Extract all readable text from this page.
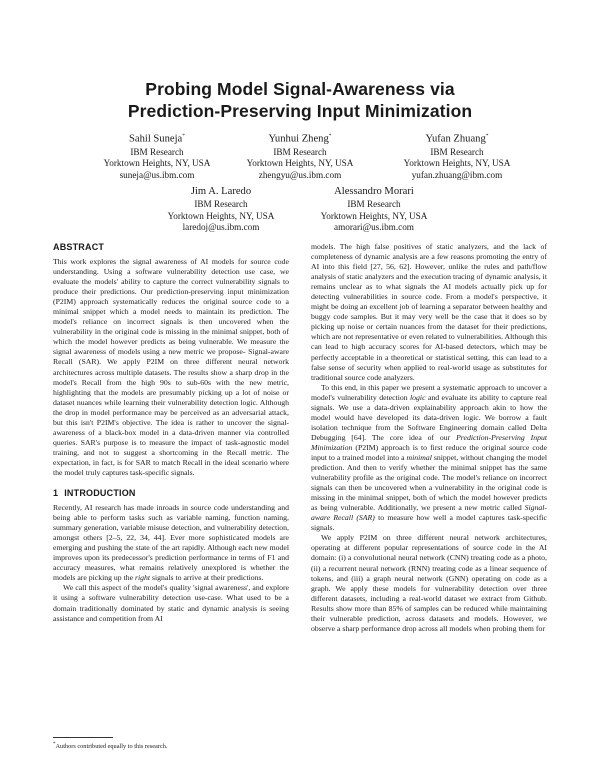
Probing Model Signal-Awareness via
Prediction-Preserving Input Minimization
Sahil Suneja*
IBM Research
Yorktown Heights, NY, USA
suneja@us.ibm.com
Yunhui Zheng*
IBM Research
Yorktown Heights, NY, USA
zhengyu@us.ibm.com
Yufan Zhuang*
IBM Research
Yorktown Heights, NY, USA
yufan.zhuang@ibm.com
Jim A. Laredo
IBM Research
Yorktown Heights, NY, USA
laredoj@us.ibm.com
Alessandro Morari
IBM Research
Yorktown Heights, NY, USA
amorari@us.ibm.com
ABSTRACT

This work explores the signal awareness of AI models for source code understanding. Using a software vulnerability detection use case, we evaluate the models' ability to capture the correct vulnerability signals to produce their predictions. Our prediction-preserving input minimization (P2IM) approach systematically reduces the original source code to a minimal snippet which a model needs to maintain its prediction. The model's reliance on incorrect signals is then uncovered when the vulnerability in the original code is missing in the minimal snippet, both of which the model however predicts as being vulnerable. We measure the signal awareness of models using a new metric we propose- Signal-aware Recall (SAR). We apply P2IM on three different neural network architectures across multiple datasets. The results show a sharp drop in the model's Recall from the high 90s to sub-60s with the new metric, highlighting that the models are presumably picking up a lot of noise or dataset nuances while learning their vulnerability detection logic. Although the drop in model performance may be perceived as an adversarial attack, but this isn't P2IM's objective. The idea is rather to uncover the signal-awareness of a black-box model in a data-driven manner via controlled queries. SAR's purpose is to measure the impact of task-agnostic model training, and not to suggest a shortcoming in the Recall metric. The expectation, in fact, is for SAR to match Recall in the ideal scenario where the model truly captures task-specific signals.

1 INTRODUCTION

Recently, AI research has made inroads in source code understanding and being able to perform tasks such as variable naming, function naming, summary generation, variable misuse detection, and vulnerability detection, amongst others [2–5, 22, 34, 44]. Ever more sophisticated models are emerging and pushing the state of the art rapidly. Although each new model improves upon its predecessor's prediction performance in terms of F1 and accuracy measures, what remains relatively unexplored is whether the models are picking up the right signals to arrive at their predictions.

We call this aspect of the model's quality 'signal awareness', and explore it using a software vulnerability detection use-case. What used to be a domain traditionally dominated by static and dynamic analysis is seeing assistance and competition from AI

models. The high false positives of static analyzers, and the lack of completeness of dynamic analysis are a few reasons promoting the entry of AI into this field [27, 56, 62]. However, unlike the rules and path/flow analysis of static analyzers and the execution tracing of dynamic analysis, it remains unclear as to what signals the AI models actually pick up for detecting vulnerabilities in source code. From a model's perspective, it might be doing an excellent job of learning a separator between healthy and buggy code samples. But it may very well be the case that it does so by picking up noise or certain nuances from the dataset for their predictions, which are not representative or even related to vulnerabilities. Although this can lead to high accuracy scores for AI-based detectors, which may be perfectly acceptable in a theoretical or statistical setting, this can lead to a false sense of security when applied to real-world usage as substitutes for traditional source code analyzers.

To this end, in this paper we present a systematic approach to uncover a model's vulnerability detection logic and evaluate its ability to capture real signals. We use a data-driven explainability approach akin to how the model would have developed its data-driven logic. We borrow a fault isolation technique from the Software Engineering domain called Delta Debugging [64]. The core idea of our Prediction-Preserving Input Minimization (P2IM) approach is to first reduce the original source code input to a trained model into a minimal snippet, without changing the model prediction. And then to verify whether the minimal snippet has the same vulnerability profile as the original code. The model's reliance on incorrect signals can then be uncovered when a vulnerability in the original code is missing in the minimal snippet, both of which the model however predicts as being vulnerable. Additionally, we present a new metric called Signal-aware Recall (SAR) to measure how well a model captures task-specific signals.

We apply P2IM on three different neural network architectures, operating at different popular representations of source code in the AI domain: (i) a convolutional neural network (CNN) treating code as a photo, (ii) a recurrent neural network (RNN) treating code as a linear sequence of tokens, and (iii) a graph neural network (GNN) operating on code as a graph. We apply these models for vulnerability detection over three different datasets, including a real-world dataset we extract from Github. Results show more than 85% of samples can be reduced while maintaining their vulnerable prediction, across datasets and models. However, we observe a sharp performance drop across all models when probing them for

*Authors contributed equally to this research.
